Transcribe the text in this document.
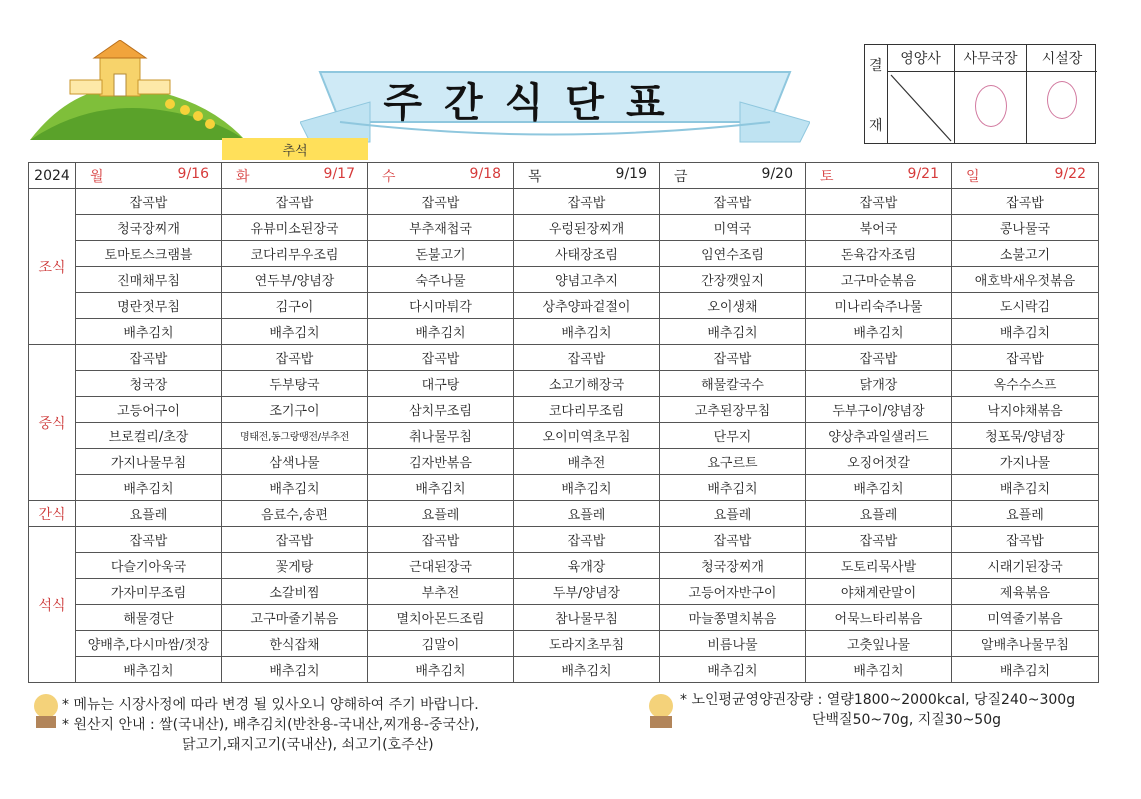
주간식단표
결
재
영양사	사무국장	시설장
추석
2024	월 9/16	화 9/17	수 9/18	목 9/19	금 9/20	토 9/21	일 9/22

조식	잡곡밥	잡곡밥	잡곡밥	잡곡밥	잡곡밥	잡곡밥	잡곡밥
	청국장찌개	유뷰미소된장국	부추재첩국	우렁된장찌개	미역국	북어국	콩나물국
	토마토스크램블	코다리무우조림	돈불고기	사태장조림	임연수조림	돈육감자조림	소불고기
	진매채무침	연두부/양념장	숙주나물	양념고추지	간장깻잎지	고구마순볶음	애호박새우젓볶음
	명란젓무침	김구이	다시마튀각	상추양파겉절이	오이생채	미나리숙주나물	도시락김
	배추김치	배추김치	배추김치	배추김치	배추김치	배추김치	배추김치
중식	잡곡밥	잡곡밥	잡곡밥	잡곡밥	잡곡밥	잡곡밥	잡곡밥
	청국장	두부탕국	대구탕	소고기해장국	해물칼국수	닭개장	옥수수스프
	고등어구이	조기구이	삼치무조림	코다리무조림	고추된장무침	두부구이/양념장	낙지야채볶음
	브로컬리/초장	명태전,동그랑땡전/부추전	취나물무침	오이미역초무침	단무지	양상추과일샐러드	청포묵/양념장
	가지나물무침	삼색나물	김자반볶음	배추전	요구르트	오징어젓갈	가지나물
	배추김치	배추김치	배추김치	배추김치	배추김치	배추김치	배추김치
간식	요플레	음료수,송편	요플레	요플레	요플레	요플레	요플레
석식	잡곡밥	잡곡밥	잡곡밥	잡곡밥	잡곡밥	잡곡밥	잡곡밥
	다슬기아욱국	꽃게탕	근대된장국	육개장	청국장찌개	도토리묵사발	시래기된장국
	가자미무조림	소갈비찜	부추전	두부/양념장	고등어자반구이	야채계란말이	제육볶음
	해물경단	고구마줄기볶음	멸치아몬드조림	참나물무침	마늘쫑멸치볶음	어묵느타리볶음	미역줄기볶음
	양배추,다시마쌈/젓장	한식잡채	김말이	도라지초무침	비름나물	고춧잎나물	알배추나물무침
	배추김치	배추김치	배추김치	배추김치	배추김치	배추김치	배추김치
* 메뉴는 시장사정에 따라 변경 될 있사오니 양해하여 주기 바랍니다.
* 원산지 안내 : 쌀(국내산), 배추김치(반찬용-국내산,찌개용-중국산),
닭고기,돼지고기(국내산), 쇠고기(호주산)
* 노인평균영양권장량 : 열량1800~2000kcal, 당질240~300g
단백질50~70g, 지질30~50g
